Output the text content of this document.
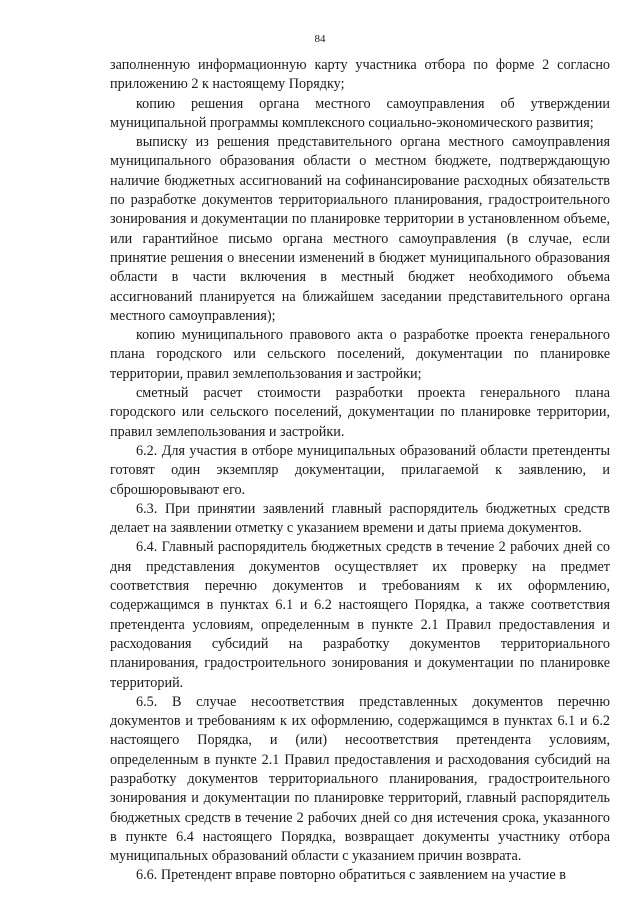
84

заполненную информационную карту участника отбора по форме 2 согласно приложению 2 к настоящему Порядку;

копию решения органа местного самоуправления об утверждении муниципальной программы комплексного социально-экономического развития;

выписку из решения представительного органа местного самоуправления муниципального образования области о местном бюджете, подтверждающую наличие бюджетных ассигнований на софинансирование расходных обязательств по разработке документов территориального планирования, градостроительного зонирования и документации по планировке территории в установленном объеме, или гарантийное письмо органа местного самоуправления (в случае, если принятие решения о внесении изменений в бюджет муниципального образования области в части включения в местный бюджет необходимого объема ассигнований планируется на ближайшем заседании представительного органа местного самоуправления);

копию муниципального правового акта о разработке проекта генерального плана городского или сельского поселений, документации по планировке территории, правил землепользования и застройки;

сметный расчет стоимости разработки проекта генерального плана городского или сельского поселений, документации по планировке территории, правил землепользования и застройки.

6.2. Для участия в отборе муниципальных образований области претенденты готовят один экземпляр документации, прилагаемой к заявлению, и сброшюровывают его.

6.3. При принятии заявлений главный распорядитель бюджетных средств делает на заявлении отметку с указанием времени и даты приема документов.

6.4. Главный распорядитель бюджетных средств в течение 2 рабочих дней со дня представления документов осуществляет их проверку на предмет соответствия перечню документов и требованиям к их оформлению, содержащимся в пунктах 6.1 и 6.2 настоящего Порядка, а также соответствия претендента условиям, определенным в пункте 2.1 Правил предоставления и расходования субсидий на разработку документов территориального планирования, градостроительного зонирования и документации по планировке территорий.

6.5. В случае несоответствия представленных документов перечню документов и требованиям к их оформлению, содержащимся в пунктах 6.1 и 6.2 настоящего Порядка, и (или) несоответствия претендента условиям, определенным в пункте 2.1 Правил предоставления и расходования субсидий на разработку документов территориального планирования, градостроительного зонирования и документации по планировке территорий, главный распорядитель бюджетных средств в течение 2 рабочих дней со дня истечения срока, указанного в пункте 6.4 настоящего Порядка, возвращает документы участнику отбора муниципальных образований области с указанием причин возврата.

6.6. Претендент вправе повторно обратиться с заявлением на участие в
